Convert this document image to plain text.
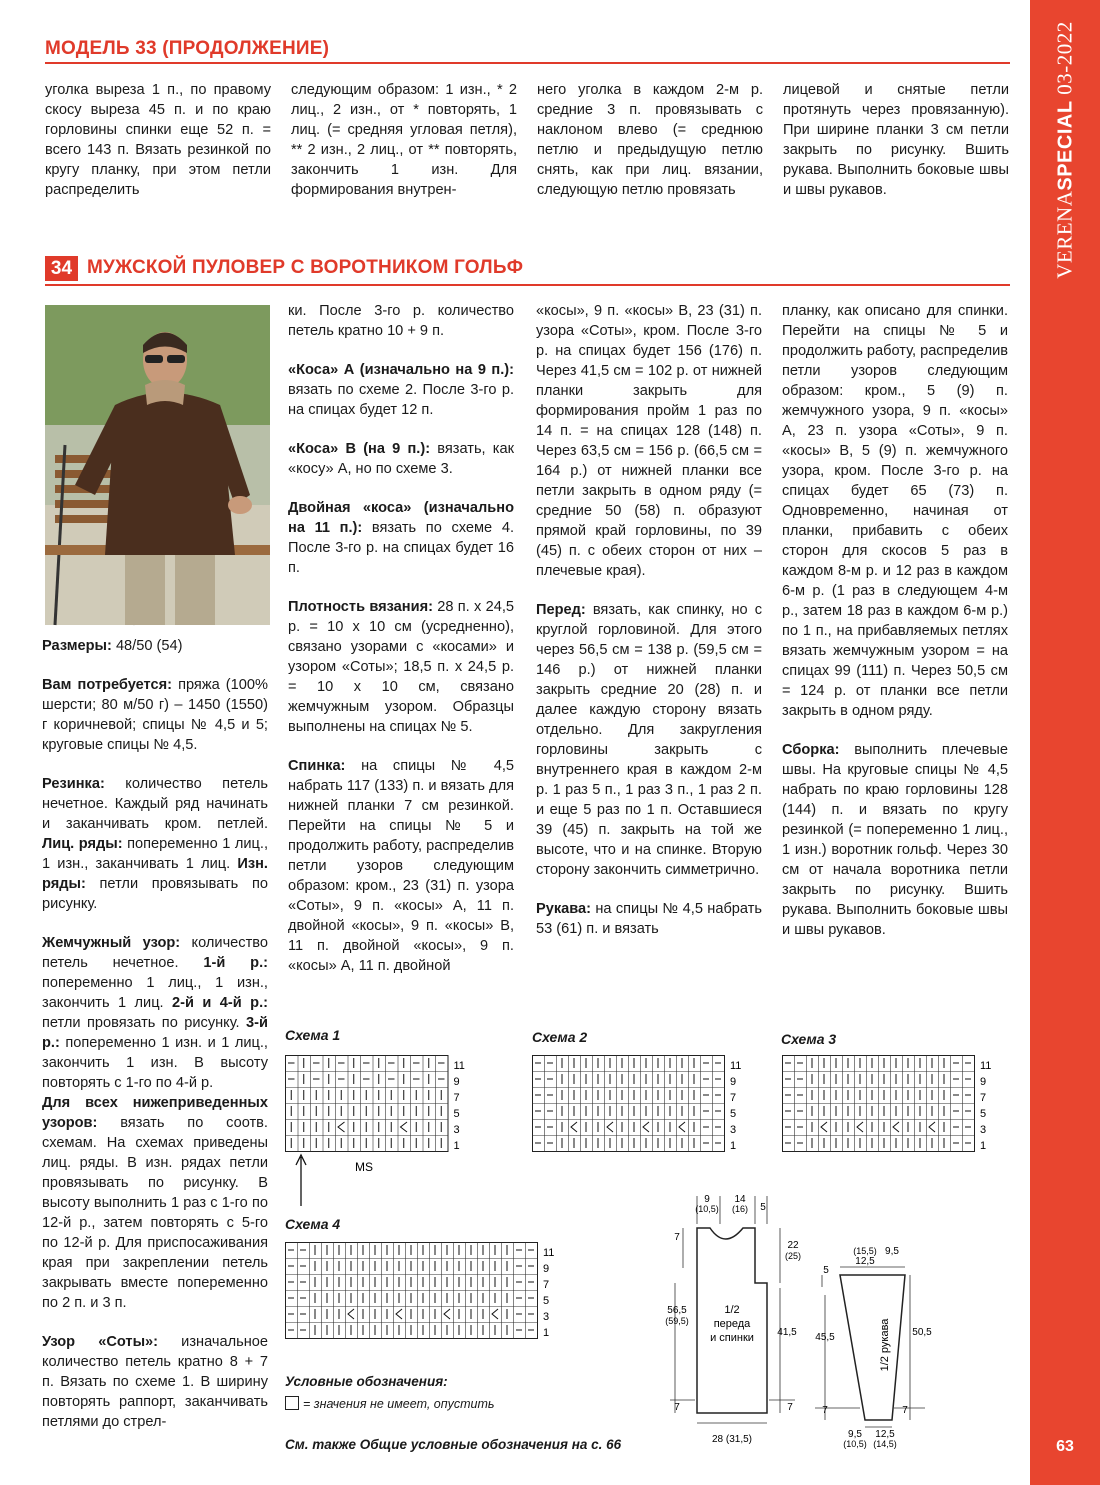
МОДЕЛЬ 33 (ПРОДОЛЖЕНИЕ)
уголка выреза 1 п., по правому скосу выреза 45 п. и по краю горловины спинки еще 52 п. = всего 143 п. Вязать резинкой по кругу планку, при этом петли распределить
следующим образом: 1 изн., * 2 лиц., 2 изн., от * повторять, 1 лиц. (= средняя угловая петля), ** 2 изн., 2 лиц., от ** повторять, закончить 1 изн. Для формирования внутрен-
него уголка в каждом 2-м р. средние 3 п. провязывать с наклоном влево (= среднюю петлю и предыдущую петлю снять, как при лиц. вязании, следующую петлю провязать
лицевой и снятые петли протянуть через провязанную). При ширине планки 3 см петли закрыть по рисунку. Вшить рукава. Выполнить боковые швы и швы рукавов.
34 МУЖСКОЙ ПУЛОВЕР С ВОРОТНИКОМ ГОЛЬФ

Размеры: 48/50 (54)

Вам потребуется: пряжа (100% шерсти; 80 м/50 г) – 1450 (1550) г коричневой; спицы № 4,5 и 5; круговые спицы № 4,5.

Резинка: количество петель нечетное. Каждый ряд начинать и заканчивать кром. петлей. Лиц. ряды: попеременно 1 лиц., 1 изн., заканчивать 1 лиц. Изн. ряды: петли провязывать по рисунку.

Жемчужный узор: количество петель нечетное. 1-й р.: попеременно 1 лиц., 1 изн., закончить 1 лиц. 2-й и 4-й р.: петли провязать по рисунку. 3-й р.: попеременно 1 изн. и 1 лиц., закончить 1 изн. В высоту повторять с 1-го по 4-й р.

Для всех нижеприведенных узоров: вязать по соотв. схемам. На схемах приведены лиц. ряды. В изн. рядах петли провязывать по рисунку. В высоту выполнить 1 раз с 1-го по 12-й р., затем повторять с 5-го по 12-й р. Для приспосаживания края при закреплении петель закрывать вместе попеременно по 2 п. и 3 п.

Узор «Соты»: изначальное количество петель кратно 8 + 7 п. Вязать по схеме 1. В ширину повторять раппорт, заканчивать петлями до стрел-

ки. После 3-го р. количество петель кратно 10 + 9 п.

«Коса» А (изначально на 9 п.): вязать по схеме 2. После 3-го р. на спицах будет 12 п.

«Коса» В (на 9 п.): вязать, как «косу» А, но по схеме 3.

Двойная «коса» (изначально на 11 п.): вязать по схеме 4. После 3-го р. на спицах будет 16 п.

Плотность вязания: 28 п. х 24,5 р. = 10 х 10 см (усредненно), связано узорами с «косами» и узором «Соты»; 18,5 п. х 24,5 р. = 10 х 10 см, связано жемчужным узором. Образцы выполнены на спицах № 5.

Спинка: на спицы № 4,5 набрать 117 (133) п. и вязать для нижней планки 7 см резинкой. Перейти на спицы № 5 и продолжить работу, распределив петли узоров следующим образом: кром., 23 (31) п. узора «Соты», 9 п. «косы» А, 11 п. двойной «косы», 9 п. «косы» В, 11 п. двойной «косы», 9 п. «косы» А, 11 п. двойной

«косы», 9 п. «косы» В, 23 (31) п. узора «Соты», кром. После 3-го р. на спицах будет 156 (176) п. Через 41,5 см = 102 р. от нижней планки закрыть для формирования пройм 1 раз по 14 п. = на спицах 128 (148) п. Через 63,5 см = 156 р. (66,5 см = 164 р.) от нижней планки все петли закрыть в одном ряду (= средние 50 (58) п. образуют прямой край горловины, по 39 (45) п. с обеих сторон от них – плечевые края).

Перед: вязать, как спинку, но с круглой горловиной. Для этого через 56,5 см = 138 р. (59,5 см = 146 р.) от нижней планки закрыть средние 20 (28) п. и далее каждую сторону вязать отдельно. Для закругления горловины закрыть с внутреннего края в каждом 2-м р. 1 раз 5 п., 1 раз 3 п., 1 раз 2 п. и еще 5 раз по 1 п. Оставшиеся 39 (45) п. закрыть на той же высоте, что и на спинке. Вторую сторону закончить симметрично.

Рукава: на спицы № 4,5 набрать 53 (61) п. и вязать

планку, как описано для спинки. Перейти на спицы № 5 и продолжить работу, распределив петли узоров следующим образом: кром., 5 (9) п. жемчужного узора, 9 п. «косы» А, 23 п. узора «Соты», 9 п. «косы» В, 5 (9) п. жемчужного узора, кром. После 3-го р. на спицах будет 65 (73) п. Одновременно, начиная от планки, прибавить с обеих сторон для скосов 5 раз в каждом 8-м р. и 12 раз в каждом 6-м р. (1 раз в следующем 4-м р., затем 18 раз в каждом 6-м р.) по 1 п., на прибавляемых петлях вязать жемчужным узором = на спицах 99 (111) п. Через 50,5 см = 124 р. от планки все петли закрыть в одном ряду.

Сборка: выполнить плечевые швы. На круговые спицы № 4,5 набрать по краю горловины 128 (144) п. и вязать по кругу резинкой (= попеременно 1 лиц., 1 изн.) воротник гольф. Через 30 см от начала воротника петли закрыть по рисунку. Вшить рукава. Выполнить боковые швы и швы рукавов.

Схема 1	Схема 2	Схема 3
Схема 4
11
9
7
5
3
1
MS
11
9
7
5
3
1
11
9
7
5
3
1
11
9
7
5
3
1
Условные обозначения:
= значения не имеет, опустить
См. также Общие условные обозначения на с. 66
9
(10,5)
14
(16) 5
7
22
(25)
56,5
(59,5)
41,5
1/2
переда
и спинки
7	7
28 (31,5)
12,5
(15,5) 9,5
5
45,5	50,5
1/2 рукава
7	7
9,5
(10,5)
12,5
(14,5)
VERENASPECIAL 03-2022
63
